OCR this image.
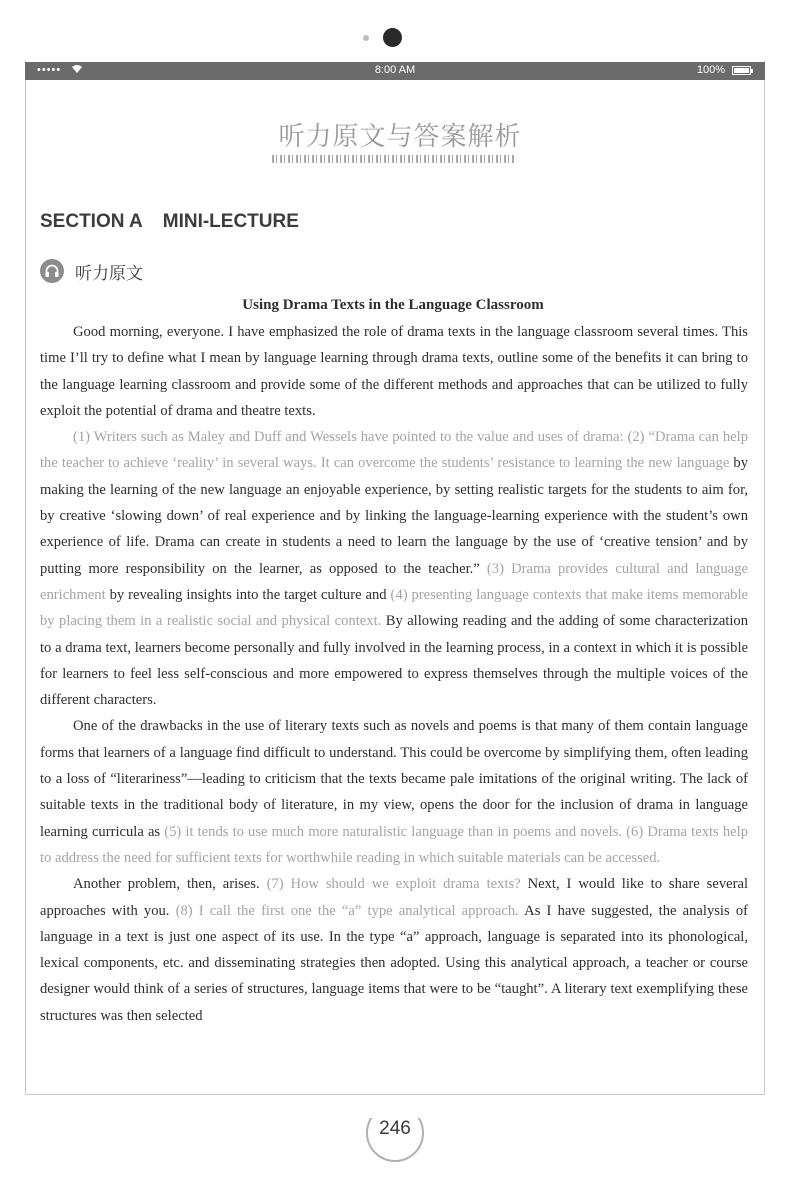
•••••	8:00 AM	100%
听力原文与答案解析
SECTION A MINI-LECTURE
听力原文
Using Drama Texts in the Language Classroom

Good morning, everyone. I have emphasized the role of drama texts in the language classroom several times. This time I’ll try to define what I mean by language learning through drama texts, outline some of the benefits it can bring to the language learning classroom and provide some of the different methods and approaches that can be utilized to fully exploit the potential of drama and theatre texts.

(1) Writers such as Maley and Duff and Wessels have pointed to the value and uses of drama: (2) “Drama can help the teacher to achieve ‘reality’ in several ways. It can overcome the students’ resistance to learning the new language by making the learning of the new language an enjoyable experience, by setting realistic targets for the students to aim for, by creative ‘slowing down’ of real experience and by linking the language-learning experience with the student’s own experience of life. Drama can create in students a need to learn the language by the use of ‘creative tension’ and by putting more responsibility on the learner, as opposed to the teacher.” (3) Drama provides cultural and language enrichment by revealing insights into the target culture and (4) presenting language contexts that make items memorable by placing them in a realistic social and physical context. By allowing reading and the adding of some characterization to a drama text, learners become personally and fully involved in the learning process, in a context in which it is possible for learners to feel less self-conscious and more empowered to express themselves through the multiple voices of the different characters.

One of the drawbacks in the use of literary texts such as novels and poems is that many of them contain language forms that learners of a language find difficult to understand. This could be overcome by simplifying them, often leading to a loss of “literariness”—leading to criticism that the texts became pale imitations of the original writing. The lack of suitable texts in the traditional body of literature, in my view, opens the door for the inclusion of drama in language learning curricula as (5) it tends to use much more naturalistic language than in poems and novels. (6) Drama texts help to address the need for sufficient texts for worthwhile reading in which suitable materials can be accessed.

Another problem, then, arises. (7) How should we exploit drama texts? Next, I would like to share several approaches with you. (8) I call the first one the “a” type analytical approach. As I have suggested, the analysis of language in a text is just one aspect of its use. In the type “a” approach, language is separated into its phonological, lexical components, etc. and disseminating strategies then adopted. Using this analytical approach, a teacher or course designer would think of a series of structures, language items that were to be “taught”. A literary text exemplifying these structures was then selected

246
